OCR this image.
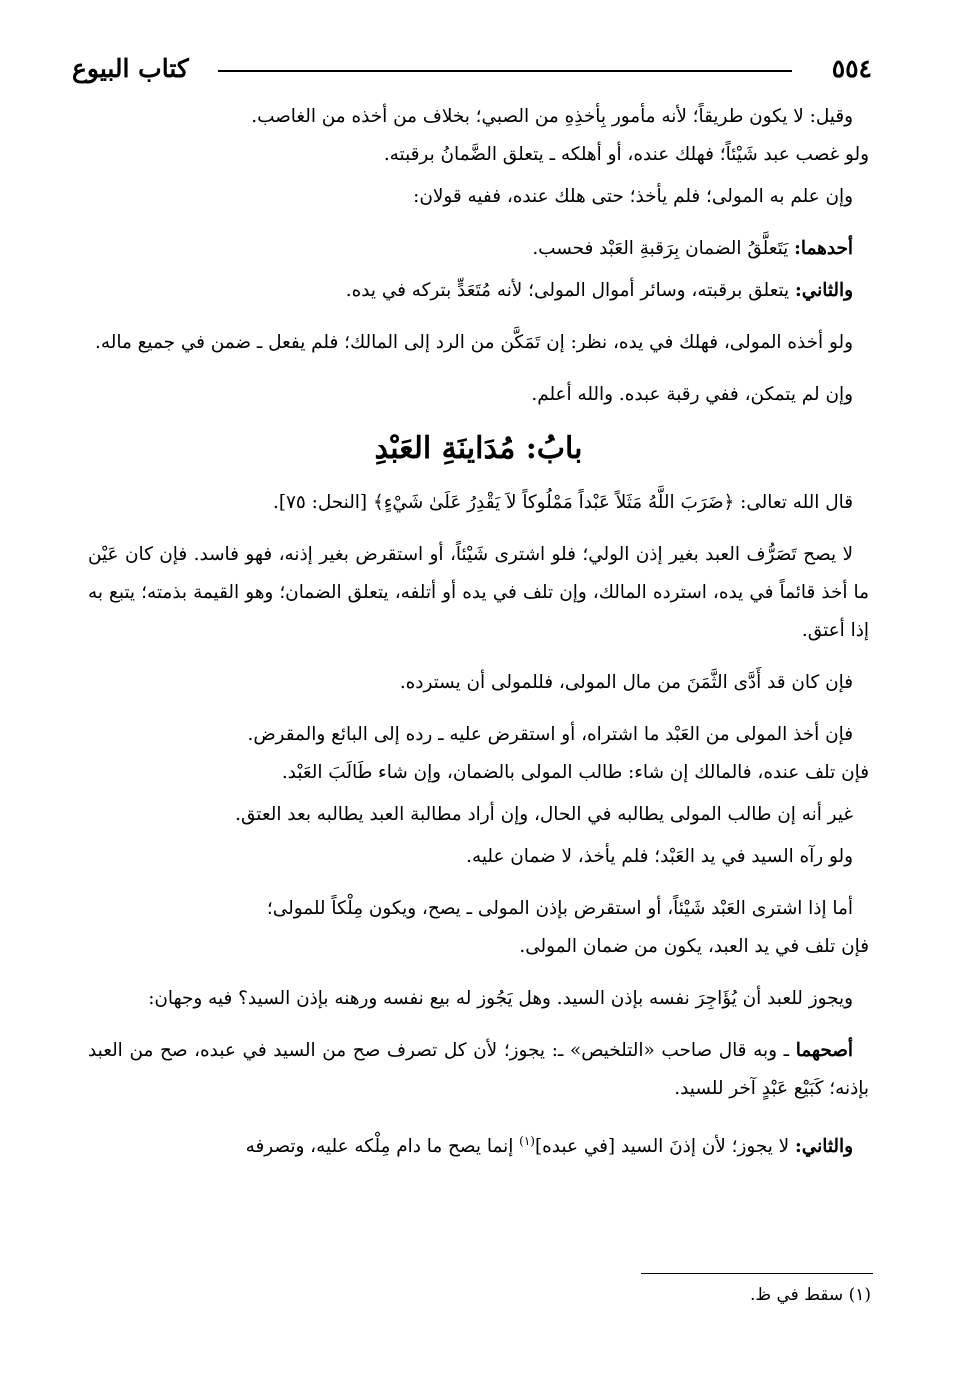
٥٥٤
كتاب البيوع

وقيل: لا يكون طريقاً؛ لأنه مأمور بِأخذِهِ من الصبي؛ بخلاف من أخذه من الغاصب.
ولو غصب عبد شَيْئاً؛ فهلك عنده، أو أهلكه ـ يتعلق الضَّمانُ برقبته.

وإن علم به المولى؛ فلم يأخذ؛ حتى هلك عنده، ففيه قولان:

أحدهما: يَتَعلَّقُ الضمان بِرَقبةِ العَبْد فحسب.

والثاني: يتعلق برقبته، وسائر أموال المولى؛ لأنه مُتَعَدٍّ بتركه في يده.

ولو أخذه المولى، فهلك في يده، نظر: إن تَمَكَّن من الرد إلى المالك؛ فلم يفعل ـ ضمن في جميع ماله.

وإن لم يتمكن، ففي رقبة عبده. والله أعلم.

بابُ: مُدَاينَةِ العَبْدِ

قال الله تعالى: ﴿ضَرَبَ اللَّهُ مَثَلاً عَبْداً مَمْلُوكاً لاَ يَقْدِرُ عَلَىٰ شَيْءٍ﴾ [النحل: ٧٥].

لا يصح تَصَرُّف العبد بغير إذن الولي؛ فلو اشترى شَيْئاً، أو استقرض بغير إذنه، فهو فاسد. فإن كان عَيْن ما أخذ قائماً في يده، استرده المالك، وإن تلف في يده أو أتلفه، يتعلق الضمان؛ وهو القيمة بذمته؛ يتبع به إذا أعتق.

فإن كان قد أَدَّى الثَّمَنَ من مال المولى، فللمولى أن يسترده.

فإن أخذ المولى من العَبْد ما اشتراه، أو استقرض عليه ـ رده إلى البائع والمقرض.
فإن تلف عنده، فالمالك إن شاء: طالب المولى بالضمان، وإن شاء طَالَبَ العَبْد.

غير أنه إن طالب المولى يطالبه في الحال، وإن أراد مطالبة العبد يطالبه بعد العتق.

ولو رآه السيد في يد العَبْد؛ فلم يأخذ، لا ضمان عليه.

أما إذا اشترى العَبْد شَيْئاً، أو استقرض بإذن المولى ـ يصح، ويكون مِلْكاً للمولى؛
فإن تلف في يد العبد، يكون من ضمان المولى.

ويجوز للعبد أن يُؤَاجِرَ نفسه بإذن السيد. وهل يَجُوز له بيع نفسه ورهنه بإذن السيد؟ فيه وجهان:

أصحهما ـ وبه قال صاحب «التلخيص» ـ: يجوز؛ لأن كل تصرف صح من السيد في عبده، صح من العبد بإذنه؛ كَبَيْع عَبْدٍ آخر للسيد.

والثاني: لا يجوز؛ لأن إذنَ السيد [في عبده]$^{(١)}$ إنما يصح ما دام مِلْكه عليه، وتصرفه

(١) سقط في ظ.
